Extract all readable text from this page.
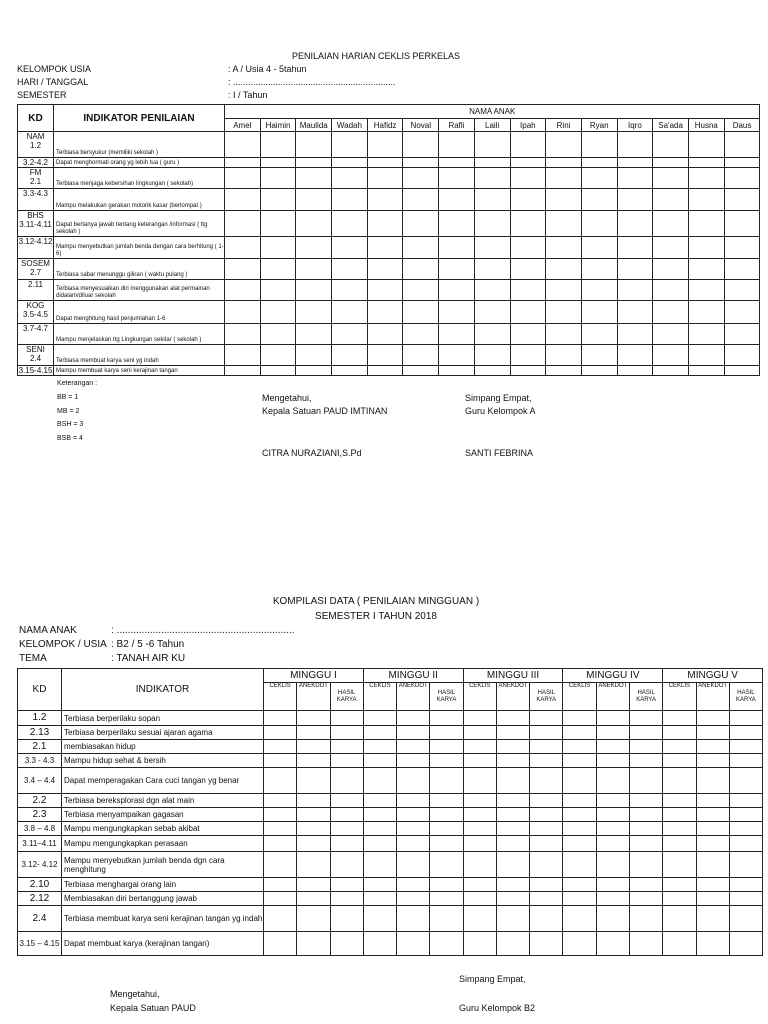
PENILAIAN HARIAN CEKLIS PERKELAS
KELOMPOK USIA	: A / Usia 4 - 5tahun
HARI / TANGGAL	: .................................................................
SEMESTER	: I / Tahun
KD	INDIKATOR PENILAIAN	NAMA ANAK														
		Amel	Haimin	Maulida	Wadah	Hafidz	Noval	Rafli	Laili	Ipah	Rini	Ryan	Iqro	Sa'ada	Husna	Daus

NAM
1.2	Terbiasa bersyukur (memiliki sekolah )															

3.2-4.2	Dapat menghormati orang yg lebih tua ( guru )															

FM
2.1	Terbiasa menjaga kebersihan lingkungan ( sekolah)															

3.3-4.3	Mampu melakukan gerakan motorik kasar (berlompat )															

BHS
3.11-4.11	Dapat bertanya jawab tentang keterangan /informasi ( ttg sekolah )															

3.12-4.12	Mampu menyebutkan jumlah benda dengan cara berhitung ( 1-6)															

SOSEM
2.7	Terbiasa sabar menunggu giliran ( waktu pulang )															

2.11	Terbiasa menyesuaikan diri menggunakan alat permainan didalam/diluar sekolah															

KOG
3.5-4.5	Dapat menghitung hasil penjumlahan 1-6															

3.7-4.7	Mampu menjelaskan ttg Lingkungan sekitar ( sekolah )															

SENI
2.4	Terbiasa membuat karya seni yg indah															

3.15-4.15	Mampu membuat karya seni kerajinan tangan															
Keterangan :
BB = 1
MB = 2
BSH = 3
BSB = 4
Mengetahui,
Kepala Satuan PAUD IMTINAN
CITRA NURAZIANI,S.Pd
Simpang Empat,
Guru Kelompok A
SANTI FEBRINA
KOMPILASI DATA ( PENILAIAN MINGGUAN )
SEMESTER I TAHUN 2018
NAMA ANAK	: ................................................................
KELOMPOK / USIA : B2 / 5 -6 Tahun
TEMA	: TANAH AIR KU
KD	INDIKATOR	MINGGU I			MINGGU II			MINGGU III			MINGGU IV			MINGGU V		
		CEKLIS	ANEKDOT	HASIL KARYA	CEKLIS	ANEKDOT	HASIL KARYA	CEKLIS	ANEKDOT	HASIL KARYA	CEKLIS	ANEKDOT	HASIL KARYA	CEKLIS	ANEKDOT	HASIL KARYA
1.2	Terbiasa berperilaku sopan															
2.13	Terbiasa berperilaku sesuai ajaran agama															
2.1	membiasakan hidup															
3.3 - 4.3	Mampu hidup sehat & bersih															
3.4 – 4.4	Dapat memperagakan Cara cuci tangan yg benar															
2.2	Terbiasa bereksplorasi dgn alat main															
2.3	Terbiasa menyampaikan gagasan															
3.8 – 4.8	Mampu mengungkapkan sebab akibat															
3.11–4.11	Mampu mengungkapkan perasaan															
3.12- 4.12	Mampu menyebutkan jumlah benda dgn cara menghitung															
2.10	Terbiasa menghargai orang lain															
2.12	Membiasakan diri bertanggung jawab															
2.4	Terbiasa membuat karya seni kerajinan tangan yg indah															
3.15 – 4.15	Dapat membuat karya (kerajinan tangan)															
Simpang Empat,
Mengetahui,
Kepala Satuan PAUD	Guru Kelompok B2
